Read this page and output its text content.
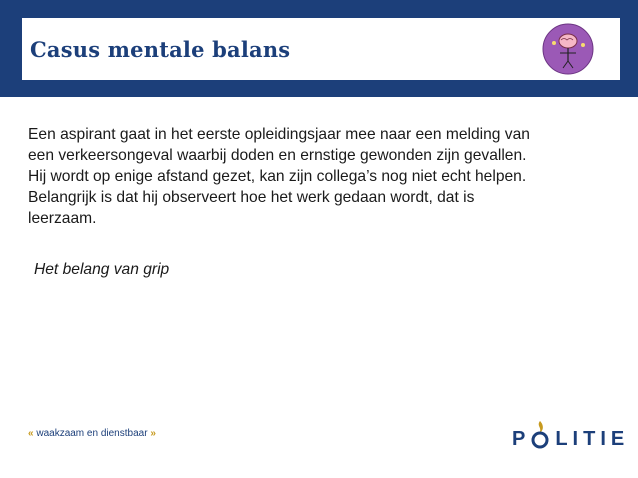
Casus mentale balans

Een aspirant gaat in het eerste opleidingsjaar mee naar een melding van

een verkeersongeval waarbij doden en ernstige gewonden zijn gevallen.

Hij wordt op enige afstand gezet, kan zijn collega’s nog niet echt helpen.

Belangrijk is dat hij observeert hoe het werk gedaan wordt, dat is

leerzaam.

Het belang van grip
« waakzaam en dienstbaar »	P LITIE
